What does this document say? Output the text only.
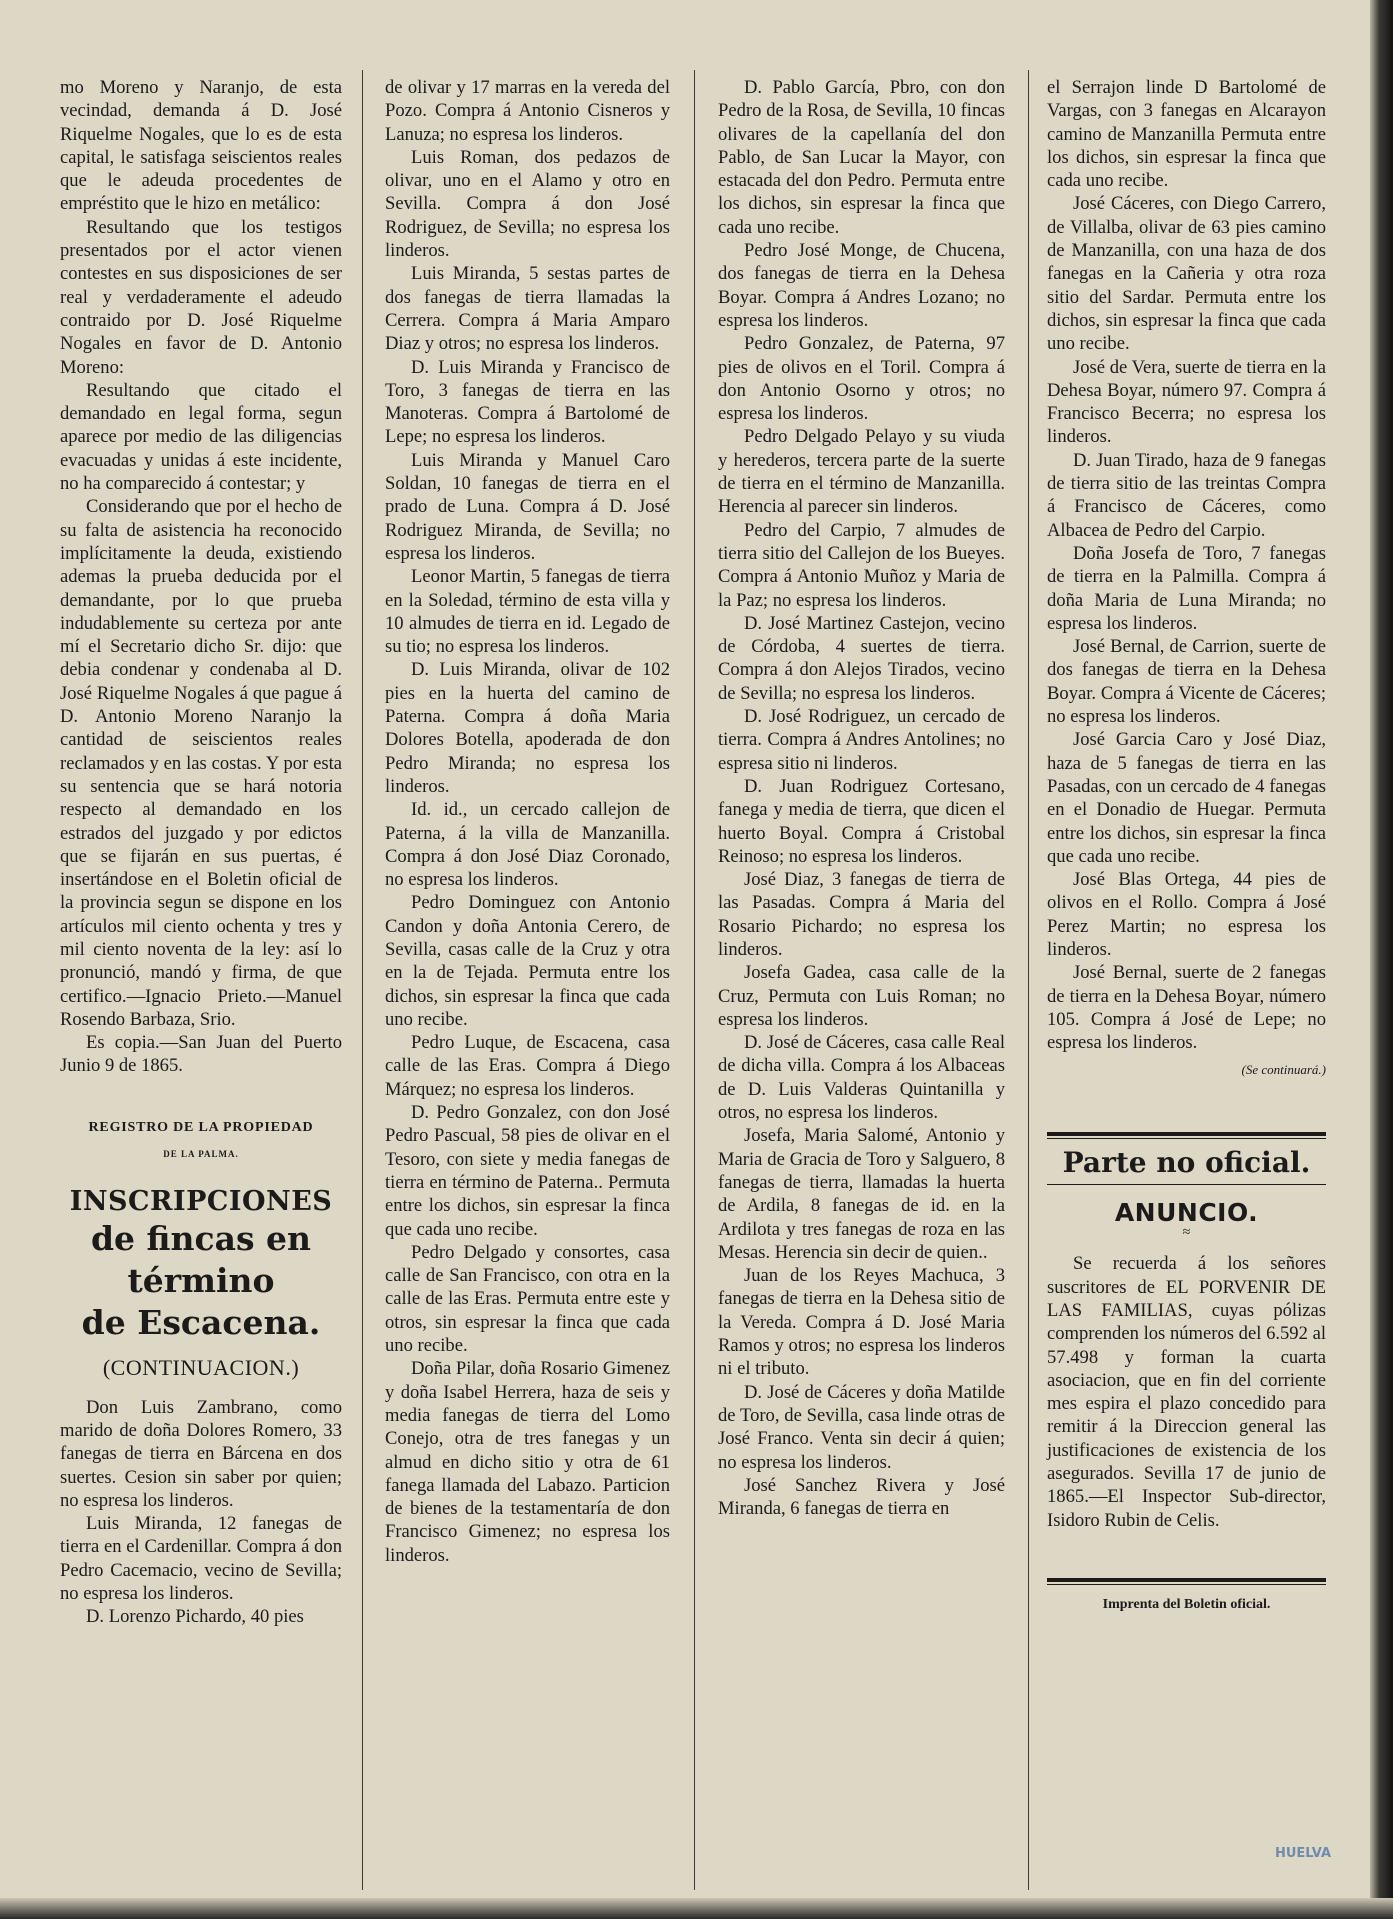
mo Moreno y Naranjo, de esta vecindad, demanda á D. José Riquelme Nogales, que lo es de esta capital, le satisfaga seiscientos reales que le adeuda procedentes de empréstito que le hizo en metálico:

Resultando que los testigos presentados por el actor vienen contestes en sus disposiciones de ser real y verdaderamente el adeudo contraido por D. José Riquelme Nogales en favor de D. Antonio Moreno:

Resultando que citado el demandado en legal forma, segun aparece por medio de las diligencias evacuadas y unidas á este incidente, no ha comparecido á contestar; y

Considerando que por el hecho de su falta de asistencia ha reconocido implícitamente la deuda, existiendo ademas la prueba deducida por el demandante, por lo que prueba indudablemente su certeza por ante mí el Secretario dicho Sr. dijo: que debia condenar y condenaba al D. José Riquelme Nogales á que pague á D. Antonio Moreno Naranjo la cantidad de seiscientos reales reclamados y en las costas. Y por esta su sentencia que se hará notoria respecto al demandado en los estrados del juzgado y por edictos que se fijarán en sus puertas, é insertándose en el Boletin oficial de la provincia segun se dispone en los artículos mil ciento ochenta y tres y mil ciento noventa de la ley: así lo pronunció, mandó y firma, de que certifico.—Ignacio Prieto.—Manuel Rosendo Barbaza, Srio.

Es copia.—San Juan del Puerto Junio 9 de 1865.

REGISTRO DE LA PROPIEDAD
DE LA PALMA.
INSCRIPCIONES
de fincas en término
de Escacena.
(CONTINUACION.)

Don Luis Zambrano, como marido de doña Dolores Romero, 33 fanegas de tierra en Bárcena en dos suertes. Cesion sin saber por quien; no espresa los linderos.

Luis Miranda, 12 fanegas de tierra en el Cardenillar. Compra á don Pedro Cacemacio, vecino de Sevilla; no espresa los linderos.

D. Lorenzo Pichardo, 40 pies

de olivar y 17 marras en la vereda del Pozo. Compra á Antonio Cisneros y Lanuza; no espresa los linderos.

Luis Roman, dos pedazos de olivar, uno en el Alamo y otro en Sevilla. Compra á don José Rodriguez, de Sevilla; no espresa los linderos.

Luis Miranda, 5 sestas partes de dos fanegas de tierra llamadas la Cerrera. Compra á Maria Amparo Diaz y otros; no espresa los linderos.

D. Luis Miranda y Francisco de Toro, 3 fanegas de tierra en las Manoteras. Compra á Bartolomé de Lepe; no espresa los linderos.

Luis Miranda y Manuel Caro Soldan, 10 fanegas de tierra en el prado de Luna. Compra á D. José Rodriguez Miranda, de Sevilla; no espresa los linderos.

Leonor Martin, 5 fanegas de tierra en la Soledad, término de esta villa y 10 almudes de tierra en id. Legado de su tio; no espresa los linderos.

D. Luis Miranda, olivar de 102 pies en la huerta del camino de Paterna. Compra á doña Maria Dolores Botella, apoderada de don Pedro Miranda; no espresa los linderos.

Id. id., un cercado callejon de Paterna, á la villa de Manzanilla. Compra á don José Diaz Coronado, no espresa los linderos.

Pedro Dominguez con Antonio Candon y doña Antonia Cerero, de Sevilla, casas calle de la Cruz y otra en la de Tejada. Permuta entre los dichos, sin espresar la finca que cada uno recibe.

Pedro Luque, de Escacena, casa calle de las Eras. Compra á Diego Márquez; no espresa los linderos.

D. Pedro Gonzalez, con don José Pedro Pascual, 58 pies de olivar en el Tesoro, con siete y media fanegas de tierra en término de Paterna.. Permuta entre los dichos, sin espresar la finca que cada uno recibe.

Pedro Delgado y consortes, casa calle de San Francisco, con otra en la calle de las Eras. Permuta entre este y otros, sin espresar la finca que cada uno recibe.

Doña Pilar, doña Rosario Gimenez y doña Isabel Herrera, haza de seis y media fanegas de tierra del Lomo Conejo, otra de tres fanegas y un almud en dicho sitio y otra de 61 fanega llamada del Labazo. Particion de bienes de la testamentaría de don Francisco Gimenez; no espresa los linderos.

D. Pablo García, Pbro, con don Pedro de la Rosa, de Sevilla, 10 fincas olivares de la capellanía del don Pablo, de San Lucar la Mayor, con estacada del don Pedro. Permuta entre los dichos, sin espresar la finca que cada uno recibe.

Pedro José Monge, de Chucena, dos fanegas de tierra en la Dehesa Boyar. Compra á Andres Lozano; no espresa los linderos.

Pedro Gonzalez, de Paterna, 97 pies de olivos en el Toril. Compra á don Antonio Osorno y otros; no espresa los linderos.

Pedro Delgado Pelayo y su viuda y herederos, tercera parte de la suerte de tierra en el término de Manzanilla. Herencia al parecer sin linderos.

Pedro del Carpio, 7 almudes de tierra sitio del Callejon de los Bueyes. Compra á Antonio Muñoz y Maria de la Paz; no espresa los linderos.

D. José Martinez Castejon, vecino de Córdoba, 4 suertes de tierra. Compra á don Alejos Tirados, vecino de Sevilla; no espresa los linderos.

D. José Rodriguez, un cercado de tierra. Compra á Andres Antolines; no espresa sitio ni linderos.

D. Juan Rodriguez Cortesano, fanega y media de tierra, que dicen el huerto Boyal. Compra á Cristobal Reinoso; no espresa los linderos.

José Diaz, 3 fanegas de tierra de las Pasadas. Compra á Maria del Rosario Pichardo; no espresa los linderos.

Josefa Gadea, casa calle de la Cruz, Permuta con Luis Roman; no espresa los linderos.

D. José de Cáceres, casa calle Real de dicha villa. Compra á los Albaceas de D. Luis Valderas Quintanilla y otros, no espresa los linderos.

Josefa, Maria Salomé, Antonio y Maria de Gracia de Toro y Salguero, 8 fanegas de tierra, llamadas la huerta de Ardila, 8 fanegas de id. en la Ardilota y tres fanegas de roza en las Mesas. Herencia sin decir de quien..

Juan de los Reyes Machuca, 3 fanegas de tierra en la Dehesa sitio de la Vereda. Compra á D. José Maria Ramos y otros; no espresa los linderos ni el tributo.

D. José de Cáceres y doña Matilde de Toro, de Sevilla, casa linde otras de José Franco. Venta sin decir á quien; no espresa los linderos.

José Sanchez Rivera y José Miranda, 6 fanegas de tierra en

el Serrajon linde D Bartolomé de Vargas, con 3 fanegas en Alcarayon camino de Manzanilla Permuta entre los dichos, sin espresar la finca que cada uno recibe.

José Cáceres, con Diego Carrero, de Villalba, olivar de 63 pies camino de Manzanilla, con una haza de dos fanegas en la Cañeria y otra roza sitio del Sardar. Permuta entre los dichos, sin espresar la finca que cada uno recibe.

José de Vera, suerte de tierra en la Dehesa Boyar, número 97. Compra á Francisco Becerra; no espresa los linderos.

D. Juan Tirado, haza de 9 fanegas de tierra sitio de las treintas Compra á Francisco de Cáceres, como Albacea de Pedro del Carpio.

Doña Josefa de Toro, 7 fanegas de tierra en la Palmilla. Compra á doña Maria de Luna Miranda; no espresa los linderos.

José Bernal, de Carrion, suerte de dos fanegas de tierra en la Dehesa Boyar. Compra á Vicente de Cáceres; no espresa los linderos.

José Garcia Caro y José Diaz, haza de 5 fanegas de tierra en las Pasadas, con un cercado de 4 fanegas en el Donadio de Huegar. Permuta entre los dichos, sin espresar la finca que cada uno recibe.

José Blas Ortega, 44 pies de olivos en el Rollo. Compra á José Perez Martin; no espresa los linderos.

José Bernal, suerte de 2 fanegas de tierra en la Dehesa Boyar, número 105. Compra á José de Lepe; no espresa los linderos.

(Se continuará.)
Parte no oficial.
ANUNCIO.
≈

Se recuerda á los señores suscritores de EL PORVENIR DE LAS FAMILIAS, cuyas pólizas comprenden los números del 6.592 al 57.498 y forman la cuarta asociacion, que en fin del corriente mes espira el plazo concedido para remitir á la Direccion general las justificaciones de existencia de los asegurados. Sevilla 17 de junio de 1865.—El Inspector Sub-director, Isidoro Rubin de Celis.

Imprenta del Boletin oficial.
HUELVA
